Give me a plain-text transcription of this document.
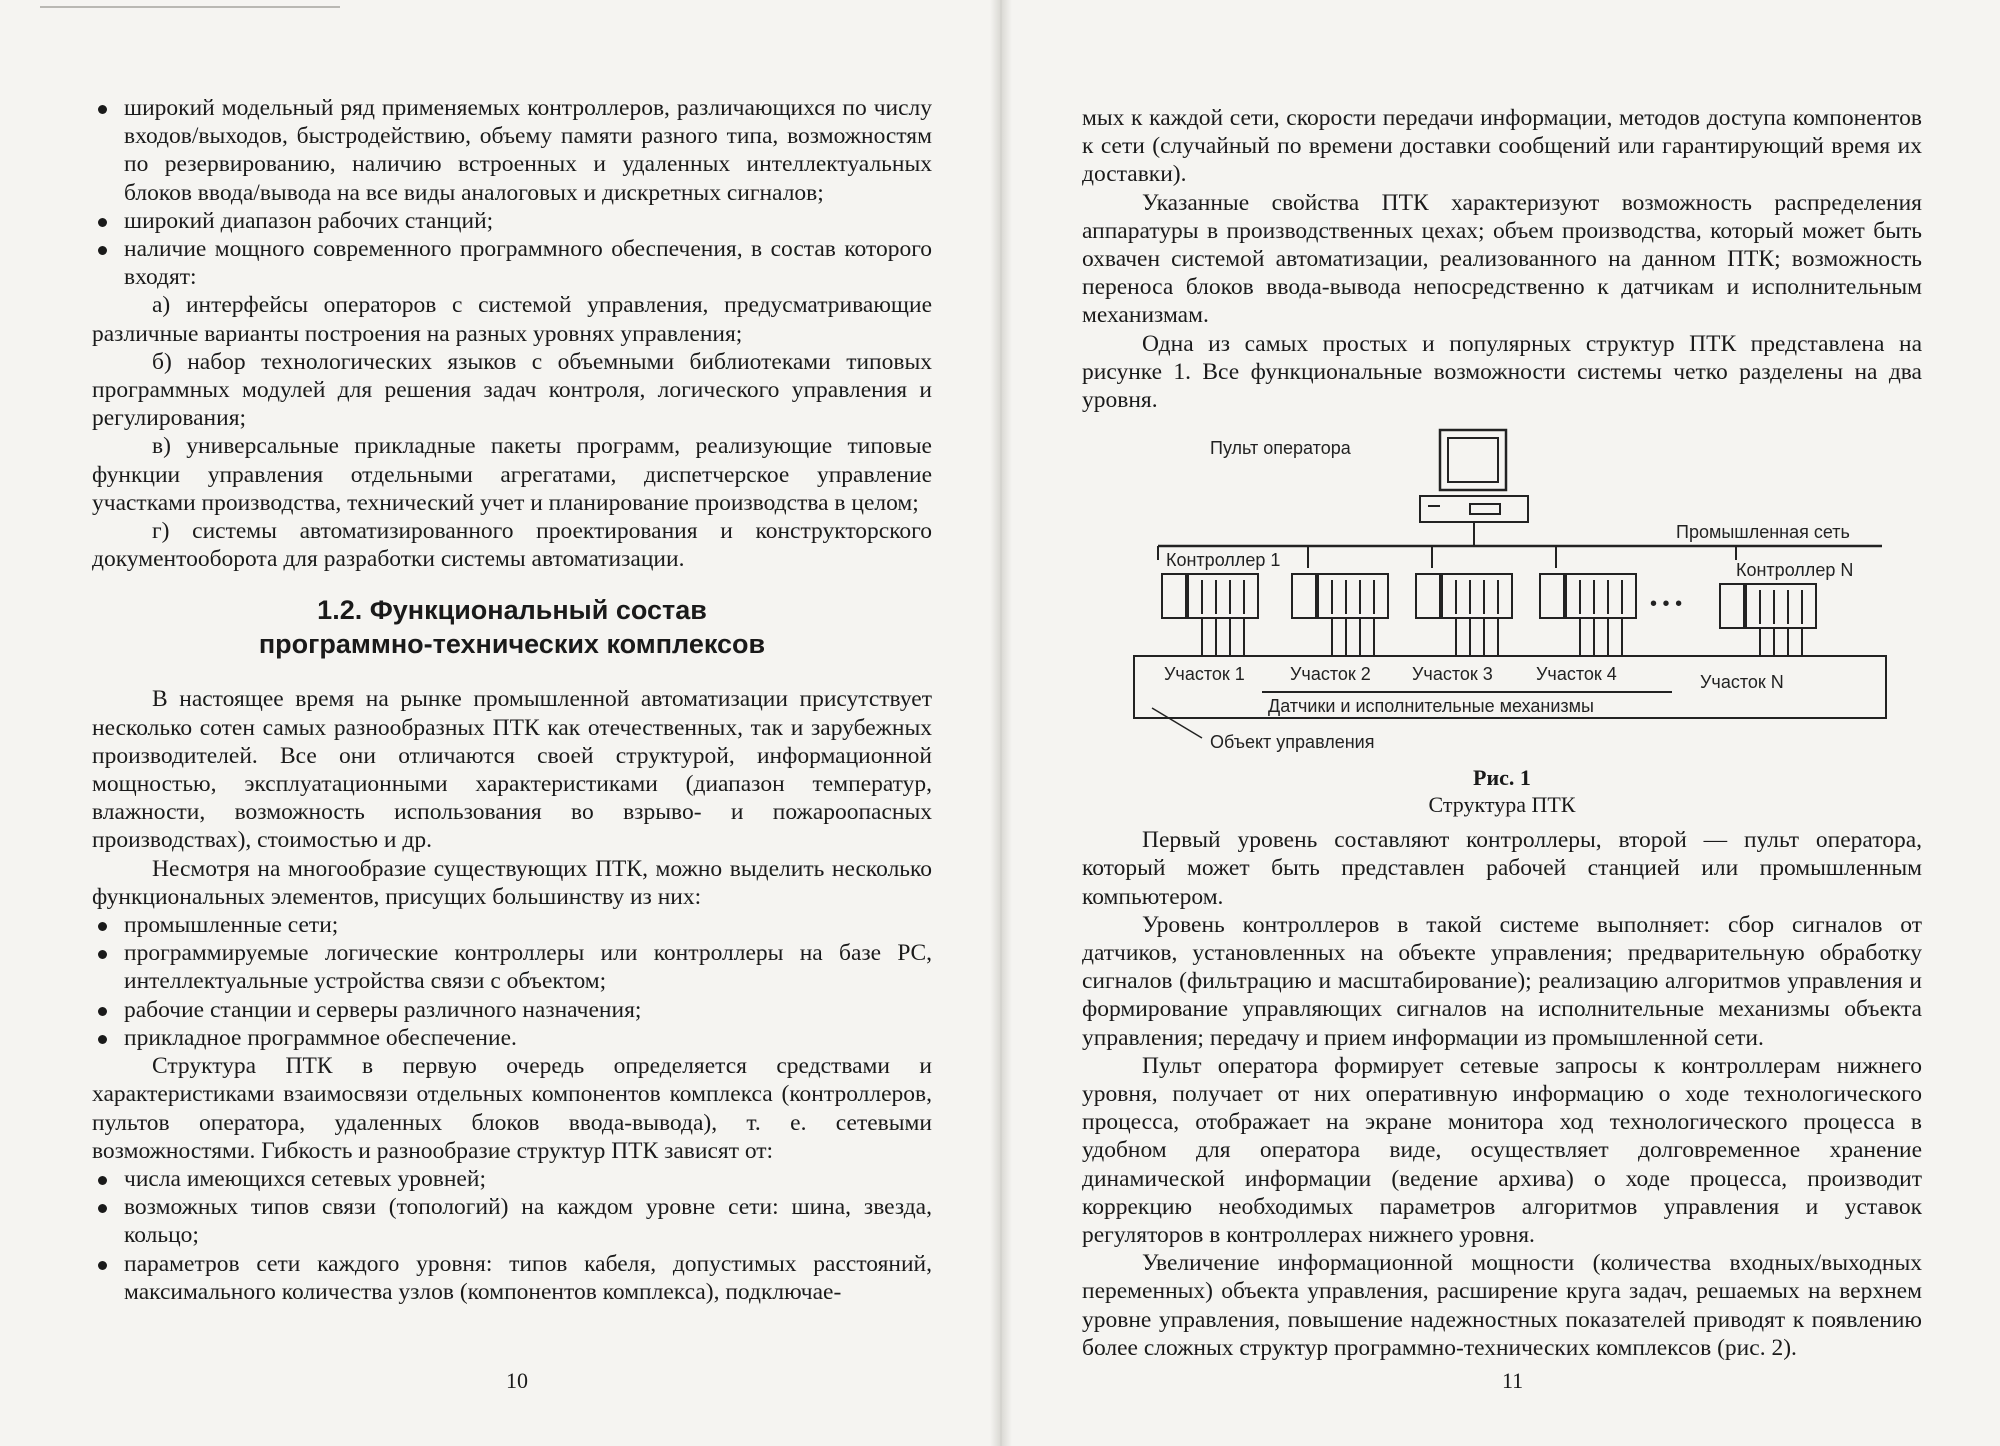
широкий модельный ряд применяемых контроллеров, различающихся по числу входов/выходов, быстродействию, объему памяти разного типа, возможностям по резервированию, наличию встроенных и удаленных интеллектуальных блоков ввода/вывода на все виды аналоговых и дискретных сигналов;

широкий диапазон рабочих станций;

наличие мощного современного программного обеспечения, в состав которого входят:

а) интерфейсы операторов с системой управления, предусматривающие различные варианты построения на разных уровнях управления;

б) набор технологических языков с объемными библиотеками типовых программных модулей для решения задач контроля, логического управления и регулирования;

в) универсальные прикладные пакеты программ, реализующие типовые функции управления отдельными агрегатами, диспетчерское управление участками производства, технический учет и планирование производства в целом;

г) системы автоматизированного проектирования и конструкторского документооборота для разработки системы автоматизации.

1.2. Функциональный состав
программно-технических комплексов

В настоящее время на рынке промышленной автоматизации присутствует несколько сотен самых разнообразных ПТК как отечественных, так и зарубежных производителей. Все они отличаются своей структурой, информационной мощностью, эксплуатационными характеристиками (диапазон температур, влажности, возможность использования во взрыво- и пожароопасных производствах), стоимостью и др.

Несмотря на многообразие существующих ПТК, можно выделить несколько функциональных элементов, присущих большинству из них:

промышленные сети;

программируемые логические контроллеры или контроллеры на базе PC, интеллектуальные устройства связи с объектом;

рабочие станции и серверы различного назначения;

прикладное программное обеспечение.

Структура ПТК в первую очередь определяется средствами и характеристиками взаимосвязи отдельных компонентов комплекса (контроллеров, пультов оператора, удаленных блоков ввода-вывода), т. е. сетевыми возможностями. Гибкость и разнообразие структур ПТК зависят от:

числа имеющихся сетевых уровней;

возможных типов связи (топологий) на каждом уровне сети: шина, звезда, кольцо;

параметров сети каждого уровня: типов кабеля, допустимых расстояний, максимального количества узлов (компонентов комплекса), подключае-

10

мых к каждой сети, скорости передачи информации, методов доступа компонентов к сети (случайный по времени доставки сообщений или гарантирующий время их доставки).

Указанные свойства ПТК характеризуют возможность распределения аппаратуры в производственных цехах; объем производства, который может быть охвачен системой автоматизации, реализованного на данном ПТК; возможность переноса блоков ввода-вывода непосредственно к датчикам и исполнительным механизмам.

Одна из самых простых и популярных структур ПТК представлена на рисунке 1. Все функциональные возможности системы четко разделены на два уровня.

Пульт оператора
Промышленная сеть
Контроллер 1	Контроллер N
• • •
Участок 1	Участок 2 Участок 3 Участок 4	Участок N
Датчики и исполнительные механизмы
Объект управления
Рис. 1
Структура ПТК

Первый уровень составляют контроллеры, второй — пульт оператора, который может быть представлен рабочей станцией или промышленным компьютером.

Уровень контроллеров в такой системе выполняет: сбор сигналов от датчиков, установленных на объекте управления; предварительную обработку сигналов (фильтрацию и масштабирование); реализацию алгоритмов управления и формирование управляющих сигналов на исполнительные механизмы объекта управления; передачу и прием информации из промышленной сети.

Пульт оператора формирует сетевые запросы к контроллерам нижнего уровня, получает от них оперативную информацию о ходе технологического процесса, отображает на экране монитора ход технологического процесса в удобном для оператора виде, осуществляет долговременное хранение динамической информации (ведение архива) о ходе процесса, производит коррекцию необходимых параметров алгоритмов управления и уставок регуляторов в контроллерах нижнего уровня.

Увеличение информационной мощности (количества входных/выходных переменных) объекта управления, расширение круга задач, решаемых на верхнем уровне управления, повышение надежностных показателей приводят к появлению более сложных структур программно-технических комплексов (рис. 2).

11
